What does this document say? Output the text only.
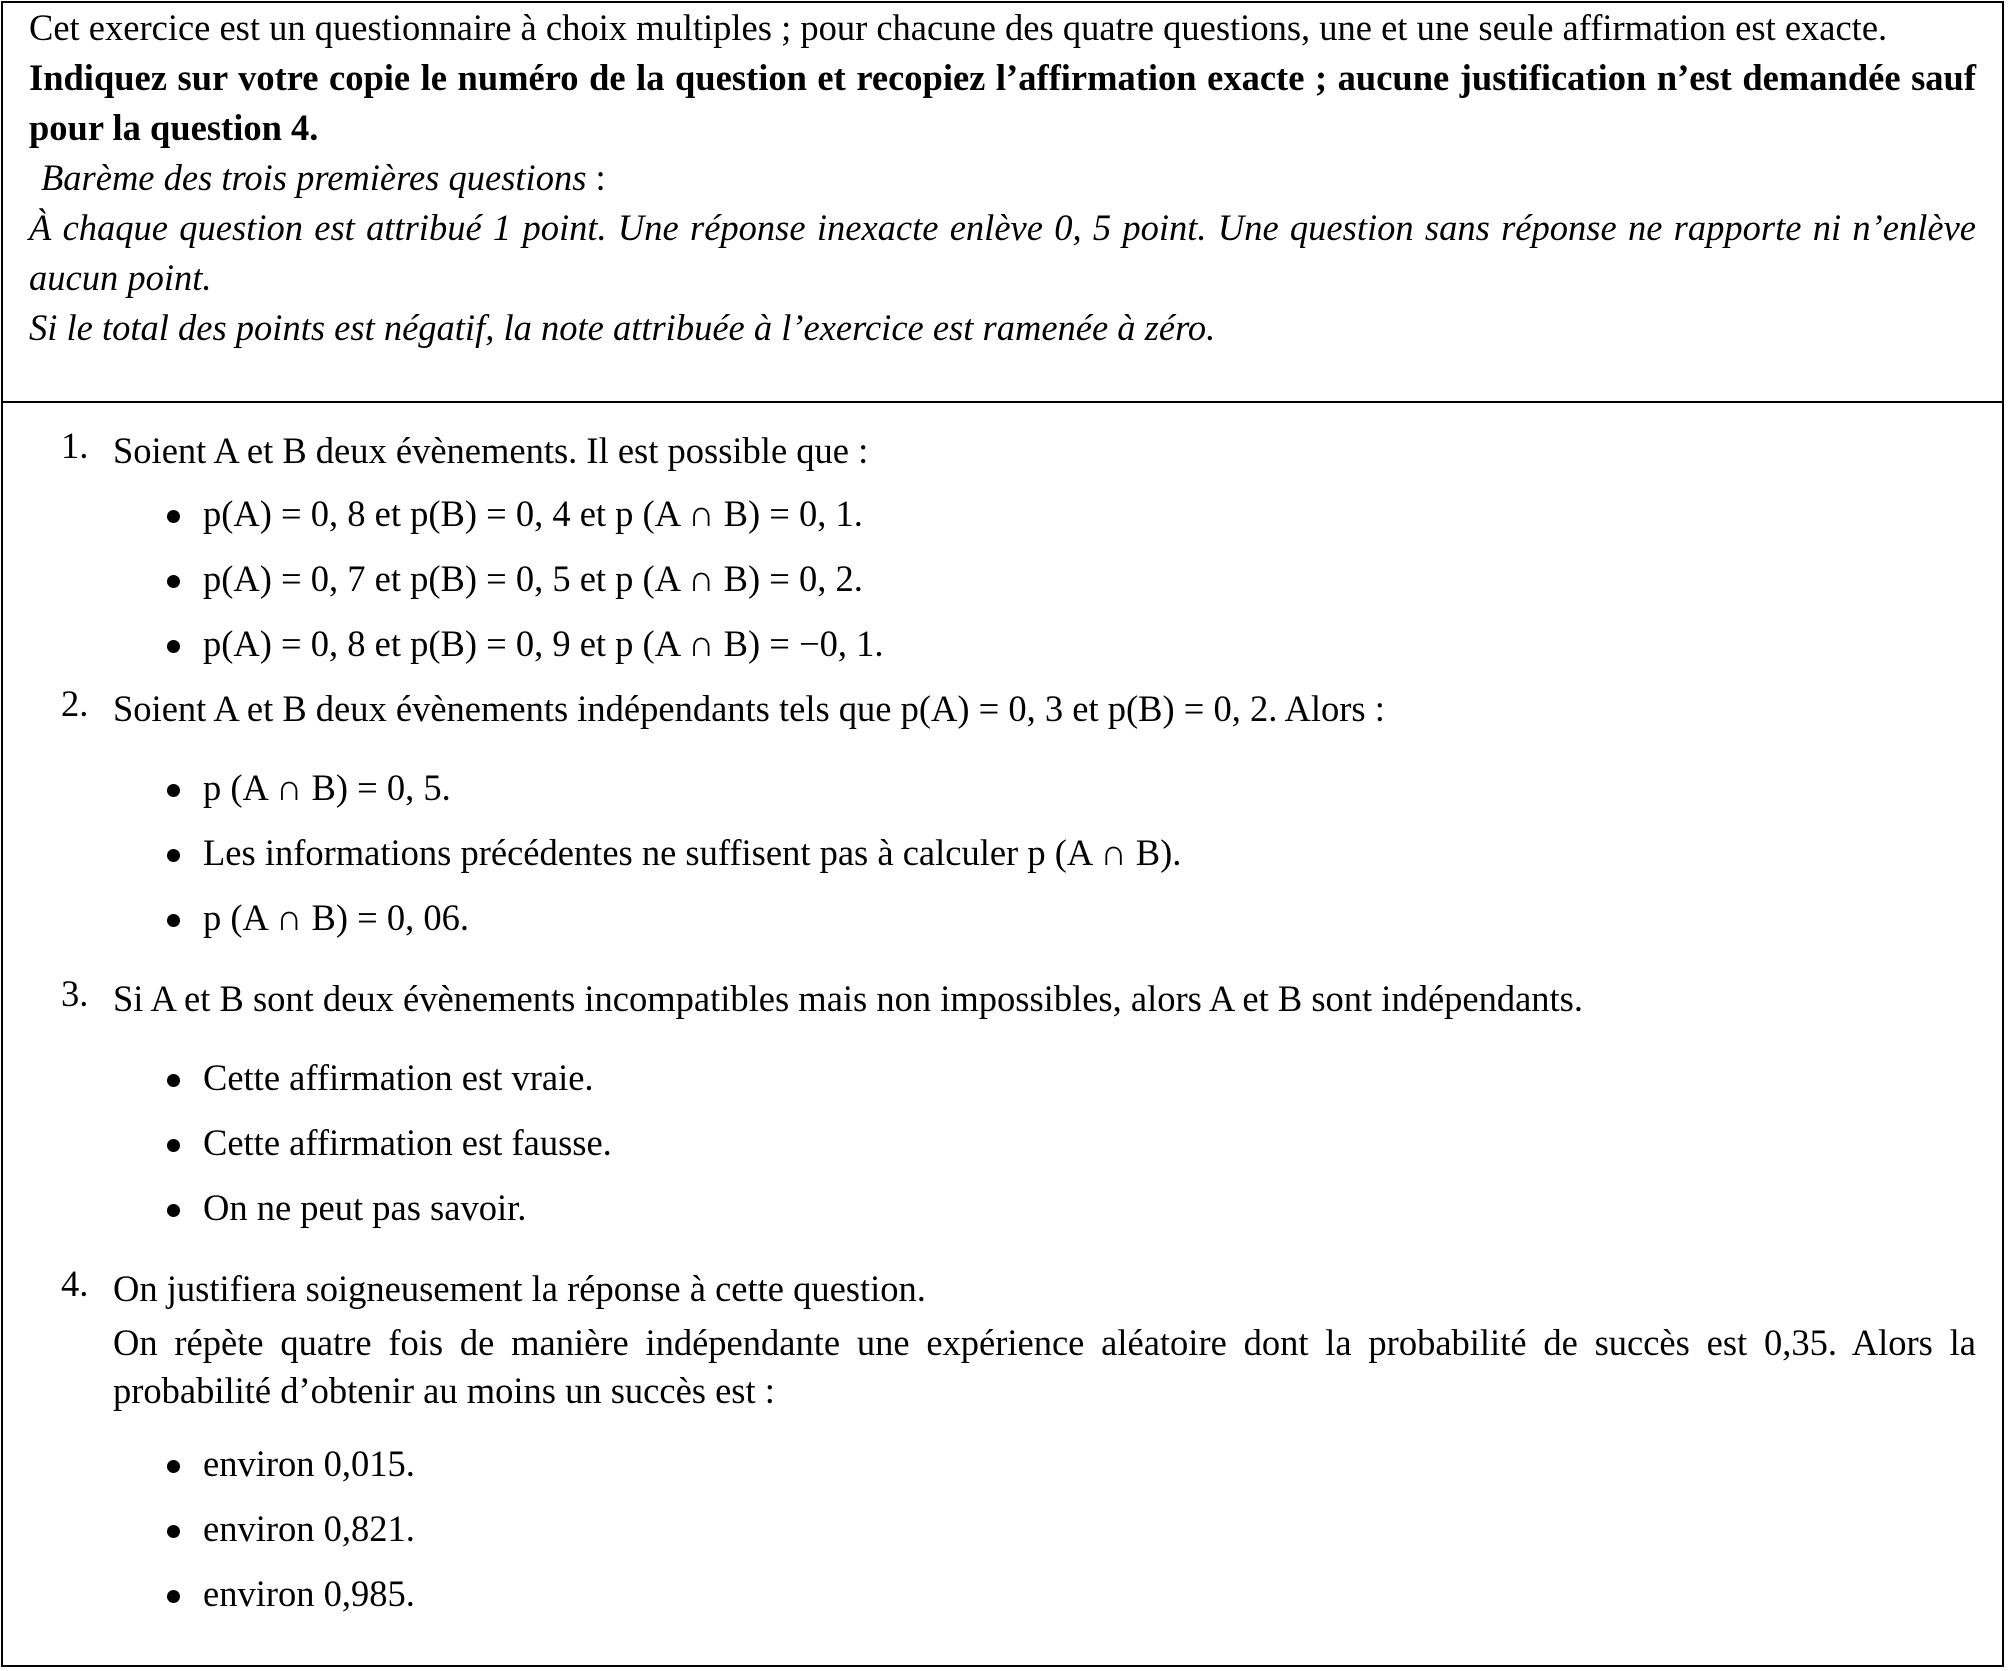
Cet exercice est un questionnaire à choix multiples ; pour chacune des quatre questions, une et une seule affirmation est exacte.

Indiquez sur votre copie le numéro de la question et recopiez l’affirmation exacte ; aucune justification n’est demandée sauf pour la question 4.

Barème des trois premières questions :

À chaque question est attribué 1 point. Une réponse inexacte enlève 0, 5 point. Une question sans réponse ne rapporte ni n’enlève aucun point.

Si le total des points est négatif, la note attribuée à l’exercice est ramenée à zéro.

1. Soient A et B deux évènements. Il est possible que :

p(A) = 0, 8 et p(B) = 0, 4 et p (A ∩ B) = 0, 1.
p(A) = 0, 7 et p(B) = 0, 5 et p (A ∩ B) = 0, 2.
p(A) = 0, 8 et p(B) = 0, 9 et p (A ∩ B) = −0, 1.
2. Soient A et B deux évènements indépendants tels que p(A) = 0, 3 et p(B) = 0, 2. Alors :

p (A ∩ B) = 0, 5.
Les informations précédentes ne suffisent pas à calculer p (A ∩ B).
p (A ∩ B) = 0, 06.
3. Si A et B sont deux évènements incompatibles mais non impossibles, alors A et B sont indépendants.

Cette affirmation est vraie.
Cette affirmation est fausse.
On ne peut pas savoir.
4. On justifiera soigneusement la réponse à cette question.

On répète quatre fois de manière indépendante une expérience aléatoire dont la probabilité de succès est 0,35. Alors la probabilité d’obtenir au moins un succès est :

environ 0,015.
environ 0,821.
environ 0,985.
